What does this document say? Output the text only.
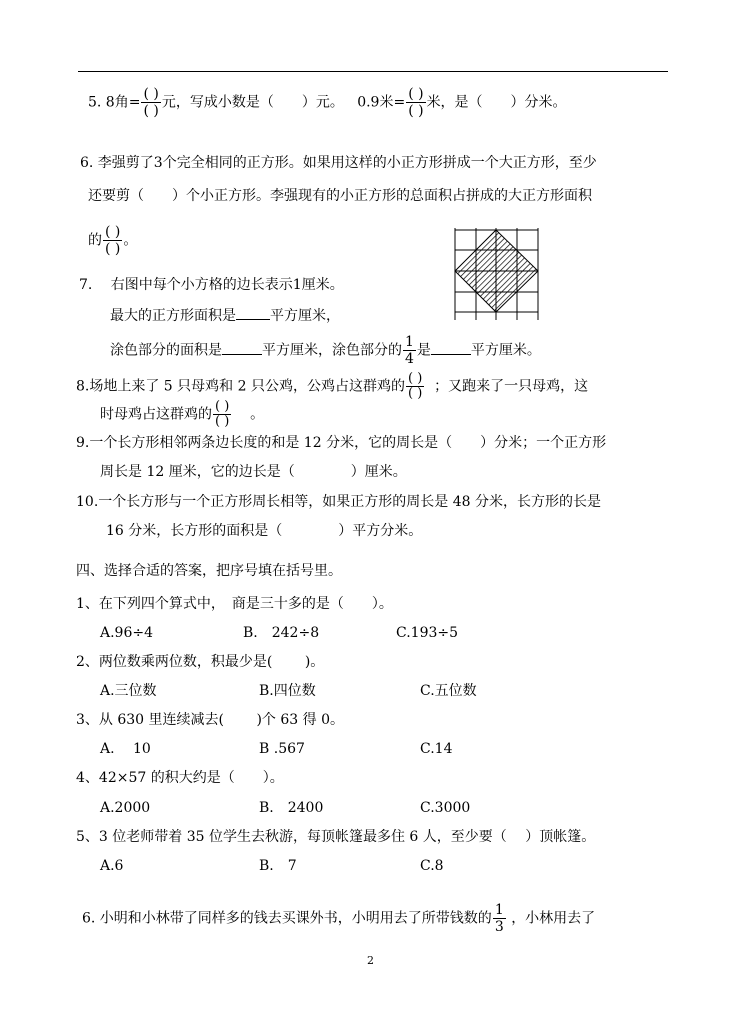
5. 8角= $\frac{( )}{( )}$ 元，写成小数是（　　）元。 0.9米= $\frac{( )}{( )}$ 米，是（　　）分米。
6. 李强剪了3个完全相同的正方形。如果用这样的小正方形拼成一个大正方形，至少
还要剪（　　）个小正方形。李强现有的小正方形的总面积占拼成的大正方形面积
的 $\frac{( )}{( )}$ 。
7.　 右图中每个小方格的边长表示1厘米。
最大的正方形面积是 平方厘米，
涂色部分的面积是	平方厘米，涂色部分的 $\frac{1}{4}$ 是	平方厘米。
8.场地上来了 5 只母鸡和 2 只公鸡，公鸡占这群鸡的 $\frac{( )}{( )}$ ；又跑来了一只母鸡，这
时母鸡占这群鸡的 $\frac{( )}{( )}$ 。
9.一个长方形相邻两条边长度的和是 12 分米，它的周长是（　　）分米；一个正方形
周长是 12 厘米，它的边长是（　　　　）厘米。
10.一个长方形与一个正方形周长相等，如果正方形的周长是 48 分米，长方形的长是
16 分米，长方形的面积是（　　　　）平方分米。
四、选择合适的答案，把序号填在括号里。
1、在下列四个算式中，　商是三十多的是（　　）。
A.96÷4	B.　242÷8	C.193÷5
2、两位数乘两位数，积最少是(　　 )。
A.三位数	B.四位数	C.五位数
3、从 630 里连续减去(　　 )个 63 得 0。
A.　 10	B .567	C.14
4、42×57 的积大约是（　　）。
A.2000	B.　2400	C.3000
5、3 位老师带着 35 位学生去秋游，每顶帐篷最多住 6 人，至少要（　 ）顶帐篷。
A.6	B.　7	C.8
6. 小明和小林带了同样多的钱去买课外书，小明用去了所带钱数的 $\frac{1}{3}$ ，小林用去了
2
